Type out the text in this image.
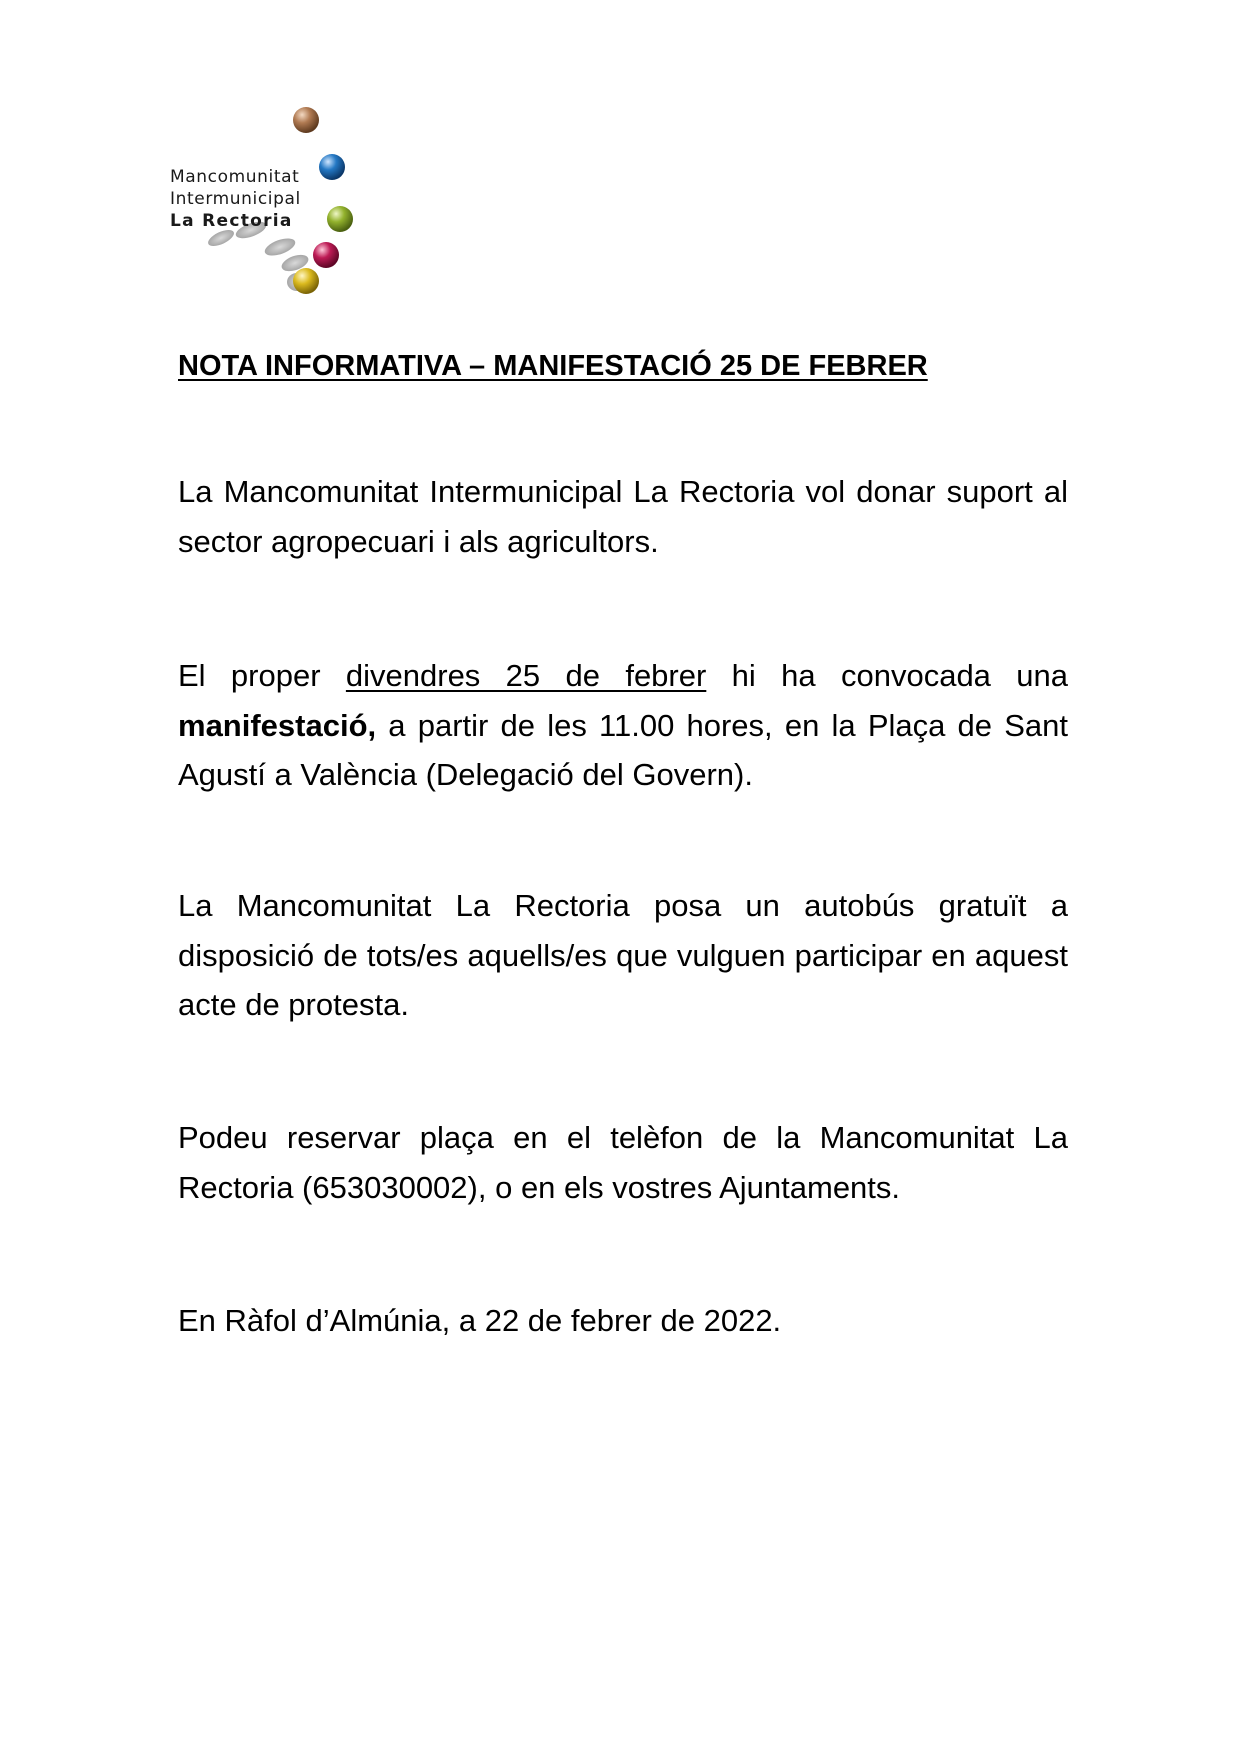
Mancomunitat
Intermunicipal
La Rectoria
NOTA INFORMATIVA – MANIFESTACIÓ 25 DE FEBRER
La Mancomunitat Intermunicipal La Rectoria vol donar suport al sector agropecuari i als agricultors.
El proper divendres 25 de febrer hi ha convocada una manifestació, a partir de les 11.00 hores, en la Plaça de Sant Agustí a València (Delegació del Govern).
La Mancomunitat La Rectoria posa un autobús gratuït a disposició de tots/es aquells/es que vulguen participar en aquest acte de protesta.
Podeu reservar plaça en el telèfon de la Mancomunitat La Rectoria (653030002), o en els vostres Ajuntaments.
En Ràfol d’Almúnia, a 22 de febrer de 2022.
